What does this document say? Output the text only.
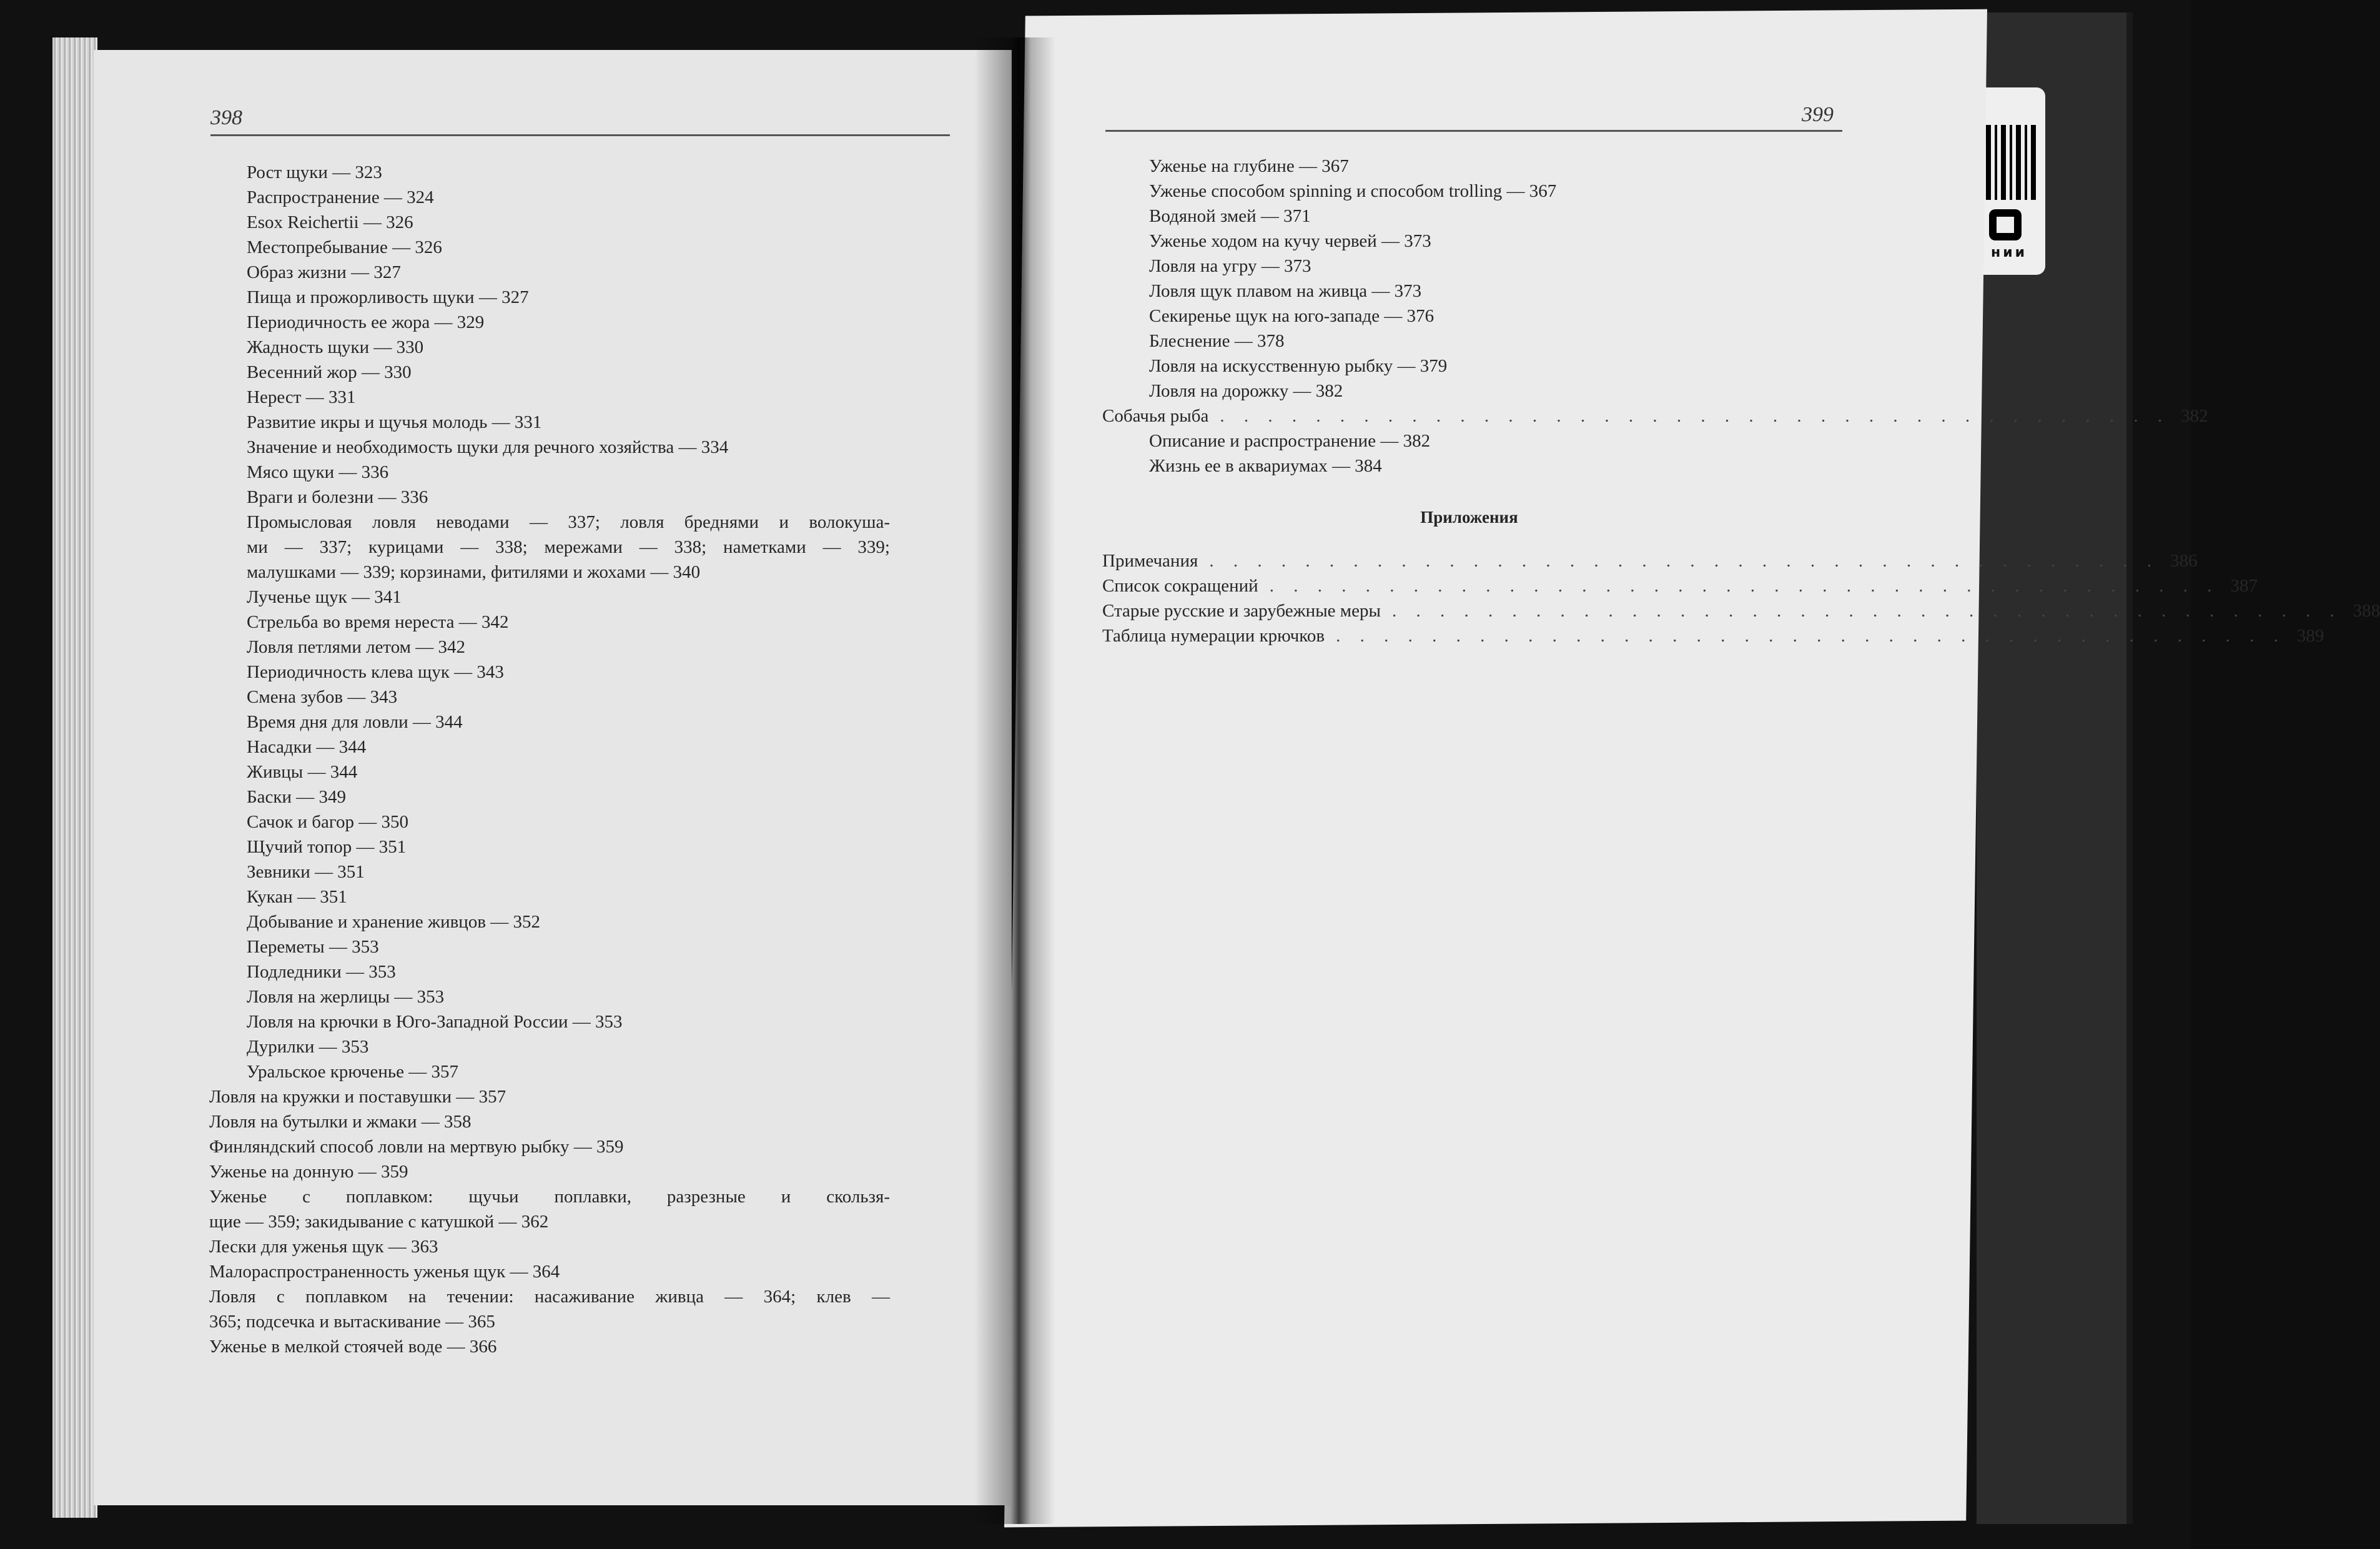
нии
398
Рост щуки — 323
Распространение — 324
Esox Reichertii — 326
Местопребывание — 326
Образ жизни — 327
Пища и прожорливость щуки — 327
Периодичность ее жора — 329
Жадность щуки — 330
Весенний жор — 330
Нерест — 331
Развитие икры и щучья молодь — 331
Значение и необходимость щуки для речного хозяйства — 334
Мясо щуки — 336
Враги и болезни — 336
Промысловая ловля неводами — 337; ловля бреднями и волокуша-
ми — 337; курицами — 338; мережами — 338; наметками — 339;
малушками — 339; корзинами, фитилями и жохами — 340
Лученье щук — 341
Стрельба во время нереста — 342
Ловля петлями летом — 342
Периодичность клева щук — 343
Смена зубов — 343
Время дня для ловли — 344
Насадки — 344
Живцы — 344
Баски — 349
Сачок и багор — 350
Щучий топор — 351
Зевники — 351
Кукан — 351
Добывание и хранение живцов — 352
Переметы — 353
Подледники — 353
Ловля на жерлицы — 353
Ловля на крючки в Юго-Западной России — 353
Дурилки — 353
Уральское крюченье — 357
Ловля на кружки и поставушки — 357
Ловля на бутылки и жмаки — 358
Финляндский способ ловли на мертвую рыбку — 359
Уженье на донную — 359
Уженье с поплавком: щучьи поплавки, разрезные и скользя-
щие — 359; закидывание с катушкой — 362
Лески для уженья щук — 363
Малораспространенность уженья щук — 364
Ловля с поплавком на течении: насаживание живца — 364; клев —
365; подсечка и вытаскивание — 365
Уженье в мелкой стоячей воде — 366
399
Уженье на глубине — 367
Уженье способом spinning и способом trolling — 367
Водяной змей — 371
Уженье ходом на кучу червей — 373
Ловля на угру — 373
Ловля щук плавом на живца — 373
Секиренье щук на юго-западе — 376
Блеснение — 378
Ловля на искусственную рыбку — 379
Ловля на дорожку — 382
Собачья рыба . . . . . . . . . . . . . . . . . . . . . . . . . . . . . . . . . . . . . . . . 382
Описание и распространение — 382
Жизнь ее в аквариумах — 384
Приложения
Примечания . . . . . . . . . . . . . . . . . . . . . . . . . . . . . . . . . . . . . . . . 386
Список сокращений . . . . . . . . . . . . . . . . . . . . . . . . . . . . . . . . . . . . . . . . 387
Старые русские и зарубежные меры . . . . . . . . . . . . . . . . . . . . . . . . . . . . . . . . . . . . . . . . 388
Таблица нумерации крючков . . . . . . . . . . . . . . . . . . . . . . . . . . . . . . . . . . . . . . . . 389
